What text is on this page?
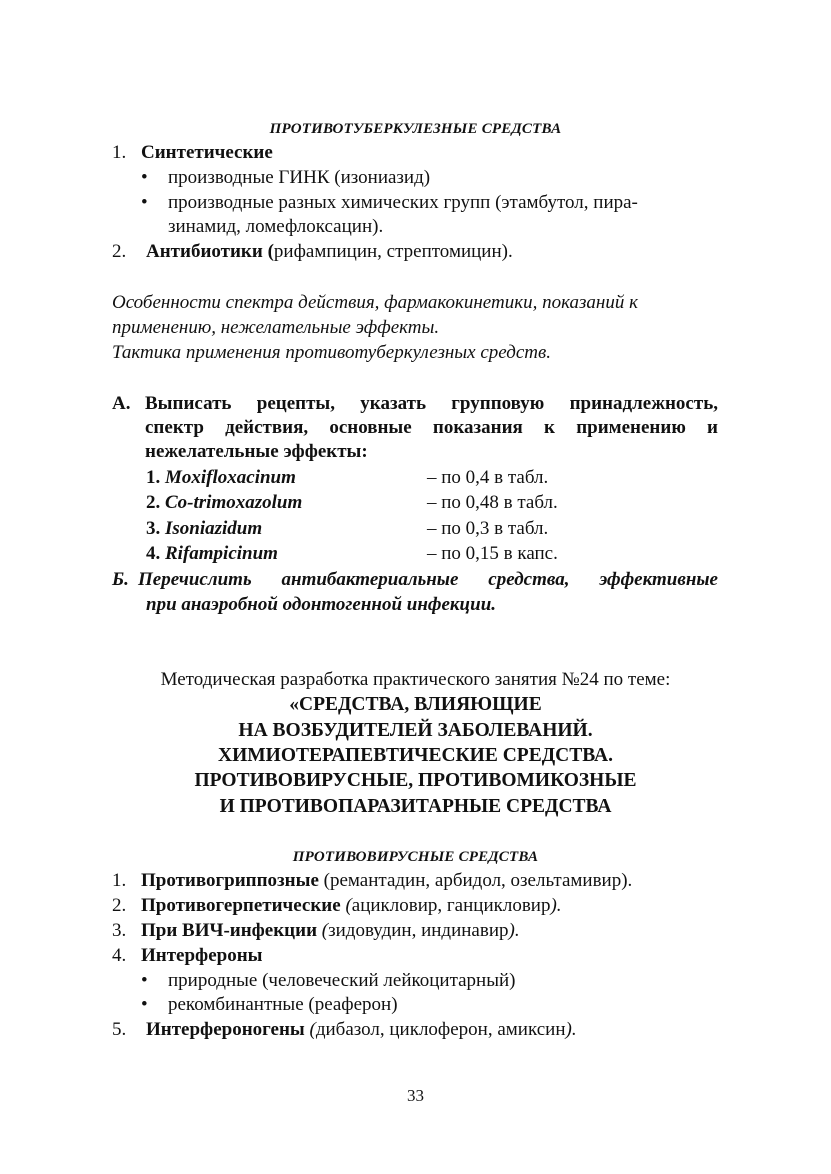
ПРОТИВОТУБЕРКУЛЕЗНЫЕ СРЕДСТВА
1. Синтетические
• производные ГИНК (изониазид)
• производные разных химических групп (этамбутол, пира-
зинамид, ломефлоксацин).
2.	Антибиотики (рифампицин, стрептомицин).
Особенности спектра действия, фармакокинетики, показаний к
применению, нежелательные эффекты.
Тактика применения противотуберкулезных средств.
А. Выписать рецепты, указать групповую принадлежность,
спектр действия, основные показания к применению и
нежелательные эффекты:
1. Moxifloxacinum	– по 0,4 в табл.
2. Co-trimoxazolum	– по 0,48 в табл.
3. Isoniazidum	– по 0,3 в табл.
4. Rifampicinum	– по 0,15 в капс.
Б. Перечислить антибактериальные средства, эффективные
при анаэробной одонтогенной инфекции.
Методическая разработка практического занятия №24 по теме:
«СРЕДСТВА, ВЛИЯЮЩИЕ
НА ВОЗБУДИТЕЛЕЙ ЗАБОЛЕВАНИЙ.
ХИМИОТЕРАПЕВТИЧЕСКИЕ СРЕДСТВА.
ПРОТИВОВИРУСНЫЕ, ПРОТИВОМИКОЗНЫЕ
И ПРОТИВОПАРАЗИТАРНЫЕ СРЕДСТВА
ПРОТИВОВИРУСНЫЕ СРЕДСТВА
1. Противогриппозные (ремантадин, арбидол, озельтамивир).
2. Противогерпетические (ацикловир, ганцикловир).
3. При ВИЧ-инфекции (зидовудин, индинавир).
4. Интерфероны
• природные (человеческий лейкоцитарный)
• рекомбинантные (реаферон)
5.	Интерфероногены (дибазол, циклоферон, амиксин).
33
